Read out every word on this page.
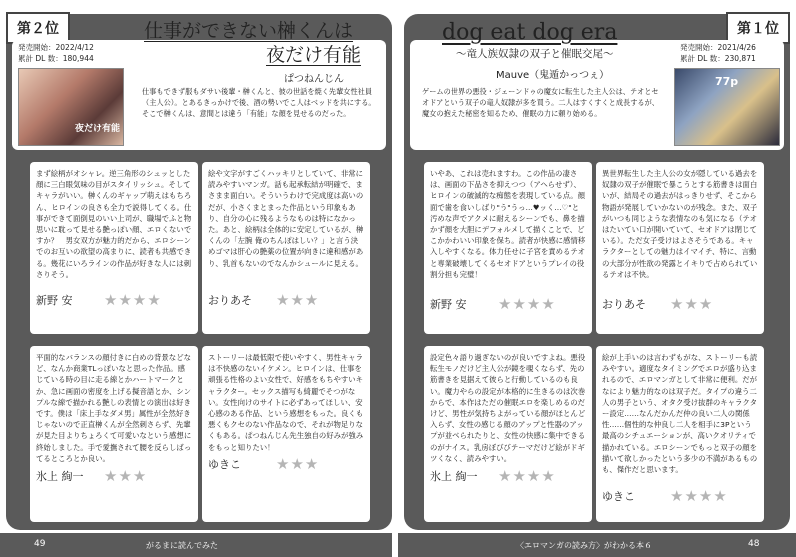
第２位	仕事ができない榊くんは
夜だけ有能
ぱつねんじん
発売開始：2022/4/12
累計 DL 数：180,944
夜だけ有能
仕事もできず服もダサい後輩・榊くんと、彼の世話を焼く先輩女性社員（主人公）。とあるきっかけで後、酒の勢いでこ人はベッドを共にする。そこで榊くんは、意間とは違う「有能」な顔を見せるのだった。
まず絵柄がオシャレ。逆三角形のシュッとした顔に三白眼気味の目がスタイリッシュ。そしてキャラがいい。榊くんのギャップ萌えはもちろん、ヒロインの良さも全力で説得してくる。仕事ができて面倒見のいい上司が、職場でふと物思いに耽って見せる艶っぽい顔、エロくないですか？　男女双方が魅力的だから、エロシーンでのお互いの欲望の高まりに、読者も共感できる。幾花にいろラインの作品が好きな人には刺さりそう。
新野 安 ★★★★
絵や文字がすごくハッキリとしていて、非常に読みやすいマンガ。話も起承転結が明確で、まさまま面白い。そういうわけで完成度は高いのだが、小さくまとまった作品という印象もあり、自分の心に残るようなものは特になかった。あと、絵柄は全体的に安定しているが、榊くんの「左腕 俺のちんぽはしい？」と言う決めゴマは肝心の艶薬の位置が向きに違和感があり、乳首もないのでなんかシュールに見える。
おりあそ ★★★
平面的なバランスの顔付きに白めの背景などなど、なんか商業TLっぽいなと思った作品。感じている時の目に走る線とかハートマークとか、急に画面の密度を上げる擬音語とか、シンプルな線で描かれる艶しの表情との演出は好きです。僕は「床上手なダメ男」属性が全然好きじゃないので正直榊くんが全然刺さらず、先輩が見た目よりちょろくて可愛いなという感想に終始しました。手で愛撫されて腰を反らしばってるところとか良い。
氷上 絢一 ★★★
ストーリーは最低限で使いやすく、男性キャラは不快感のないイケメン。ヒロインは、仕事を頑張る性格のよい女性で、好感をもちやすいキャラクター。セックス描写も綺麗でそつがない。女性向けのサイトに必ずあってほしい、安心感のある作品、という感想をもった。良くも悪くもクセのない作品なので、それが物足りなくもある。ぱつねんじん先生独自の好みが強みをもっと知りたい！
ゆきこ ★★★
49	がるまに読んでみた
第１位
dog eat dog era
〜竜人族奴隷の双子と催眠交尾〜
Mauve（鬼遁かっつぇ）
発売開始：2021/4/26
累計 DL 数：230,871
77p
ゲームの世界の悪役・ジェーンドゥの魔女に転生した主人公は、テオとセオドアという双子の竜人奴隷が多を買う。二人はすくすくと成長するが、魔女の抱えた秘密を知るため、催眠の力に頼り始める。
いやあ、これは売れますわ。この作品の凄さは、画面の下品さを抑えつつ（アヘらせず）、ヒロインの破滅的な痴態を表現している点。顔面で歯を食いしばり"う"うっ…♥ッく…♡"と汚めな声でアクメに耐えるシーンでも、鼻を描かず顔を大胆にデフォルメして描くことで、どこかかわいい印象を保ち。読者が快感に感情移入しやすくなる。体力任せに子宮を責めるテオと専業破壊してくるセオドアというプレイの役割分担も完璧！
新野 安 ★★★★
異世界転生した主人公の女が隠している過去を奴隷の双子が催眠で暴こうとする筋書きは面白いが、結局その過去がはっきりせず、そこから物語が発展していかないのが残念。また、双子がいつも同じような表情なのも気になる（テオはたいてい口が開いていて、セオドアは閉じている）。ただ女子受けはよさそうである。キャラクターとしての魅力はイマイチ、特に、言動の大部分が性欲の発露とイキりで占められているテオは不快。
おりあそ ★★★
設定色々語り過ぎないのが良いですよね。悪役転生モノだけど主人公が鏡を覗くならず、先の筋書きを見据えて彼らと行動しているのも良い。魔力やらの設定が本格的に生きるのは次巻からで、本作はただの催眠エロを楽しめるのだけど、男性が気持ちよがっている顔がほとんど入らず、女性の感じる顔のアップと性器のアップが並べられたりと、女性の快感に集中できるのがナイス。乳房ぼびびテーマだけど絵がドギツくなく、読みやすい。
氷上 絢一 ★★★★
絵が上手いのは言わずもがな、ストーリーも読みやすい。適度なタイミングでエロが盛り込まれるので、エロマンガとして非常に便利。だがなにより魅力的なのは双子だ。タイプの違う二人の男子という、オタク受け抜群のキャラクター設定……なんだかんだ仲の良い二人の関係性……個性的な仲良し二人を相手に3Pという最高のシチュエーションが、高いクオリティで描かれている。エロシーンでもっと双子の顔を描いて欲しかったという多少の不満があるものも、傑作だと思います。
ゆきこ ★★★★
〈エロマンガの読み方〉がわかる本６	48
